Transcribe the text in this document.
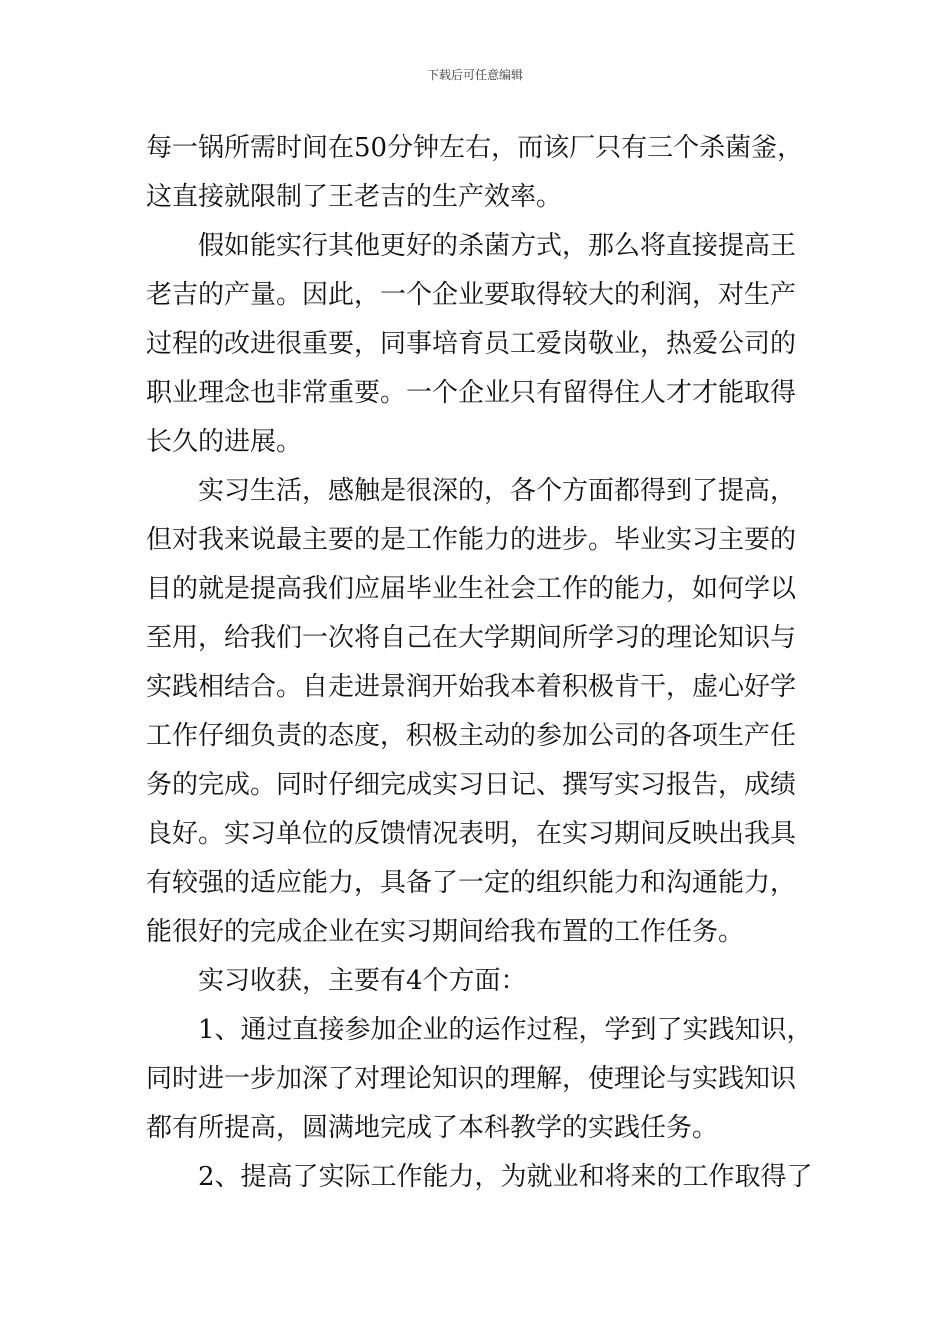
下载后可任意编辑
每一锅所需时间在50分钟左右，而该厂只有三个杀菌釜，
这直接就限制了王老吉的生产效率。
假如能实行其他更好的杀菌方式，那么将直接提高王
老吉的产量。因此，一个企业要取得较大的利润，对生产
过程的改进很重要，同事培育员工爱岗敬业，热爱公司的
职业理念也非常重要。一个企业只有留得住人才才能取得
长久的进展。
实习生活，感触是很深的，各个方面都得到了提高，
但对我来说最主要的是工作能力的进步。毕业实习主要的
目的就是提高我们应届毕业生社会工作的能力，如何学以
至用，给我们一次将自己在大学期间所学习的理论知识与
实践相结合。自走进景润开始我本着积极肯干，虚心好学
工作仔细负责的态度，积极主动的参加公司的各项生产任
务的完成。同时仔细完成实习日记、撰写实习报告，成绩
良好。实习单位的反馈情况表明，在实习期间反映出我具
有较强的适应能力，具备了一定的组织能力和沟通能力，
能很好的完成企业在实习期间给我布置的工作任务。
实习收获，主要有4个方面：
1、通过直接参加企业的运作过程，学到了实践知识，
同时进一步加深了对理论知识的理解，使理论与实践知识
都有所提高，圆满地完成了本科教学的实践任务。
2、提高了实际工作能力，为就业和将来的工作取得了
